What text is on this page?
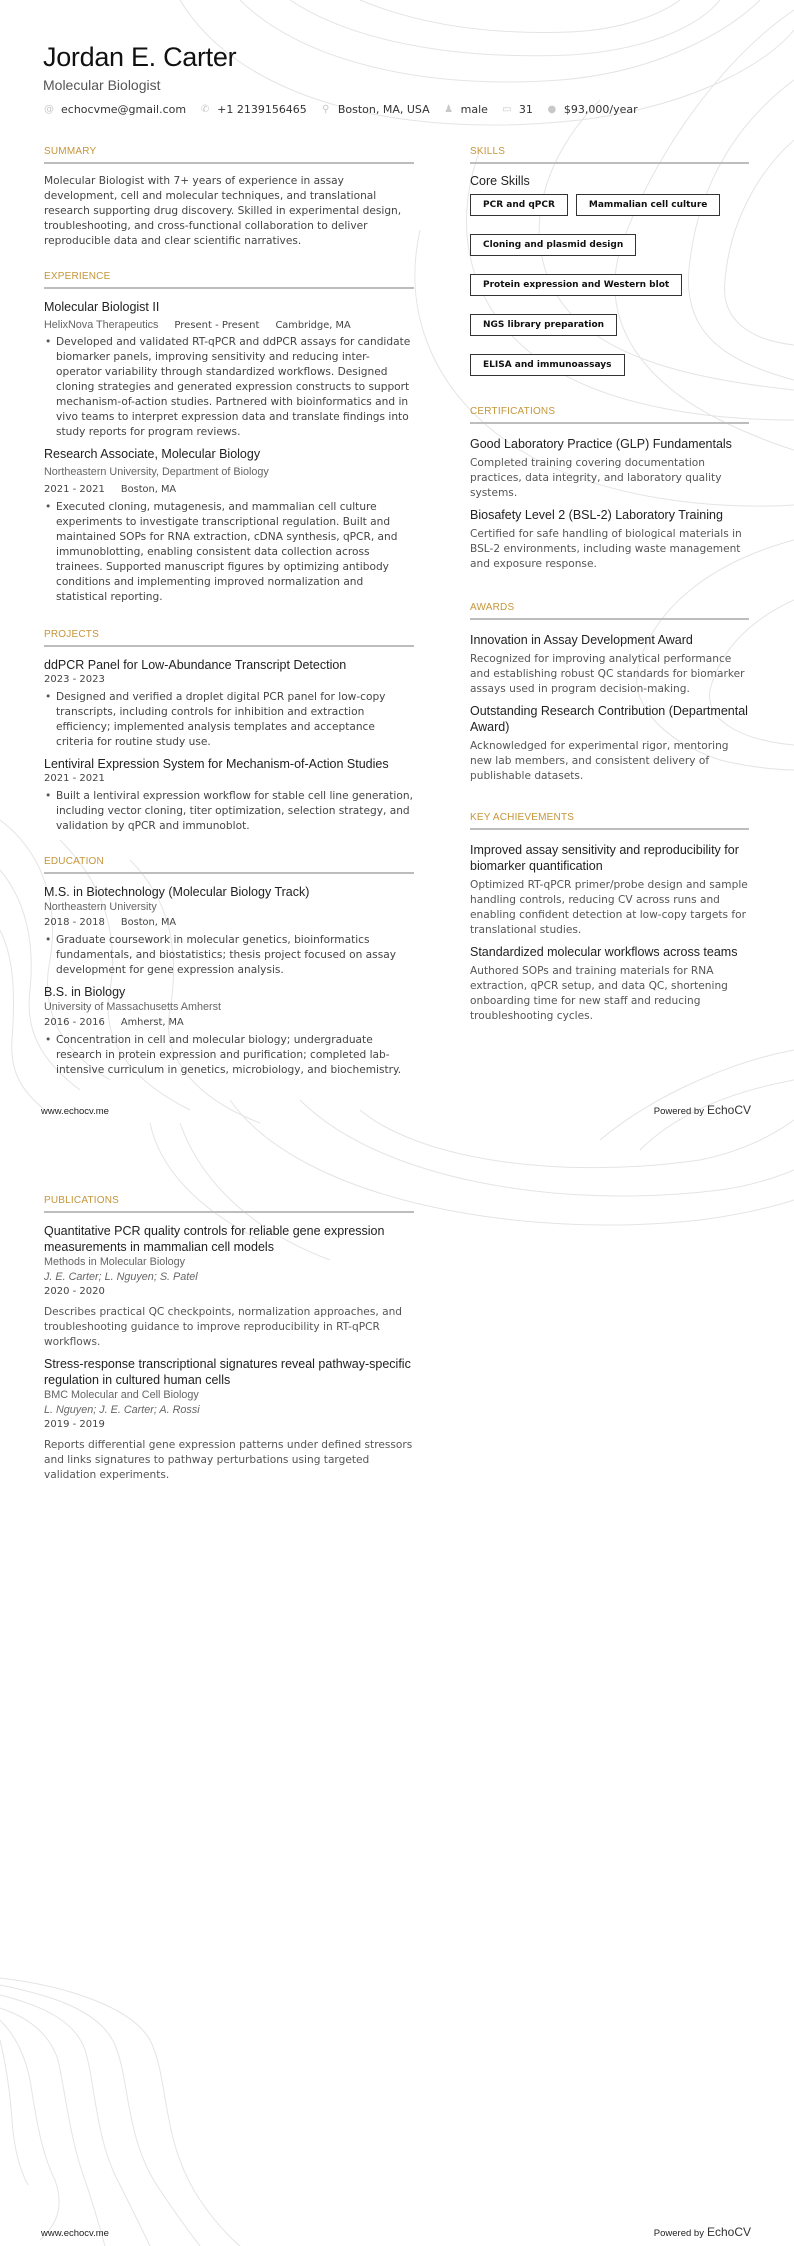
Jordan E. Carter
Molecular Biologist
@ echocvme@gmail.com ✆ +1 2139156465 ⚲ Boston, MA, USA ♟ male ▭ 31 ● $93,000/year
SUMMARY

Molecular Biologist with 7+ years of experience in assay development, cell and molecular techniques, and translational research supporting drug discovery. Skilled in experimental design, troubleshooting, and cross-functional collaboration to deliver reproducible data and clear scientific narratives.

EXPERIENCE
Molecular Biologist II
HelixNova Therapeutics Present - Present Cambridge, MA
• Developed and validated RT-qPCR and ddPCR assays for candidate biomarker panels, improving sensitivity and reducing inter-operator variability through standardized workflows. Designed cloning strategies and generated expression constructs to support mechanism-of-action studies. Partnered with bioinformatics and in vivo teams to interpret expression data and translate findings into study reports for program reviews.
Research Associate, Molecular Biology
Northeastern University, Department of Biology
2021 - 2021 Boston, MA
• Executed cloning, mutagenesis, and mammalian cell culture experiments to investigate transcriptional regulation. Built and maintained SOPs for RNA extraction, cDNA synthesis, qPCR, and immunoblotting, enabling consistent data collection across trainees. Supported manuscript figures by optimizing antibody conditions and implementing improved normalization and statistical reporting.
PROJECTS
ddPCR Panel for Low-Abundance Transcript Detection
2023 - 2023
• Designed and verified a droplet digital PCR panel for low-copy transcripts, including controls for inhibition and extraction efficiency; implemented analysis templates and acceptance criteria for routine study use.
Lentiviral Expression System for Mechanism-of-Action Studies
2021 - 2021
• Built a lentiviral expression workflow for stable cell line generation, including vector cloning, titer optimization, selection strategy, and validation by qPCR and immunoblot.
EDUCATION
M.S. in Biotechnology (Molecular Biology Track)
Northeastern University
2018 - 2018 Boston, MA
• Graduate coursework in molecular genetics, bioinformatics fundamentals, and biostatistics; thesis project focused on assay development for gene expression analysis.
B.S. in Biology
University of Massachusetts Amherst
2016 - 2016 Amherst, MA
• Concentration in cell and molecular biology; undergraduate research in protein expression and purification; completed lab-intensive curriculum in genetics, microbiology, and biochemistry.
SKILLS
Core Skills
PCR and qPCR	Mammalian cell culture
Cloning and plasmid design
Protein expression and Western blot
NGS library preparation
ELISA and immunoassays
CERTIFICATIONS
Good Laboratory Practice (GLP) Fundamentals
Completed training covering documentation practices, data integrity, and laboratory quality systems.
Biosafety Level 2 (BSL-2) Laboratory Training
Certified for safe handling of biological materials in BSL-2 environments, including waste management and exposure response.
AWARDS
Innovation in Assay Development Award
Recognized for improving analytical performance and establishing robust QC standards for biomarker assays used in program decision-making.
Outstanding Research Contribution (Departmental Award)
Acknowledged for experimental rigor, mentoring new lab members, and consistent delivery of publishable datasets.
KEY ACHIEVEMENTS
Improved assay sensitivity and reproducibility for biomarker quantification
Optimized RT-qPCR primer/probe design and sample handling controls, reducing CV across runs and enabling confident detection at low-copy targets for translational studies.
Standardized molecular workflows across teams
Authored SOPs and training materials for RNA extraction, qPCR setup, and data QC, shortening onboarding time for new staff and reducing troubleshooting cycles.
www.echocv.me	Powered by EchoCV
PUBLICATIONS
Quantitative PCR quality controls for reliable gene expression measurements in mammalian cell models
Methods in Molecular Biology
J. E. Carter; L. Nguyen; S. Patel
2020 - 2020
Describes practical QC checkpoints, normalization approaches, and troubleshooting guidance to improve reproducibility in RT-qPCR workflows.
Stress-response transcriptional signatures reveal pathway-specific regulation in cultured human cells
BMC Molecular and Cell Biology
L. Nguyen; J. E. Carter; A. Rossi
2019 - 2019
Reports differential gene expression patterns under defined stressors and links signatures to pathway perturbations using targeted validation experiments.
www.echocv.me	Powered by EchoCV
